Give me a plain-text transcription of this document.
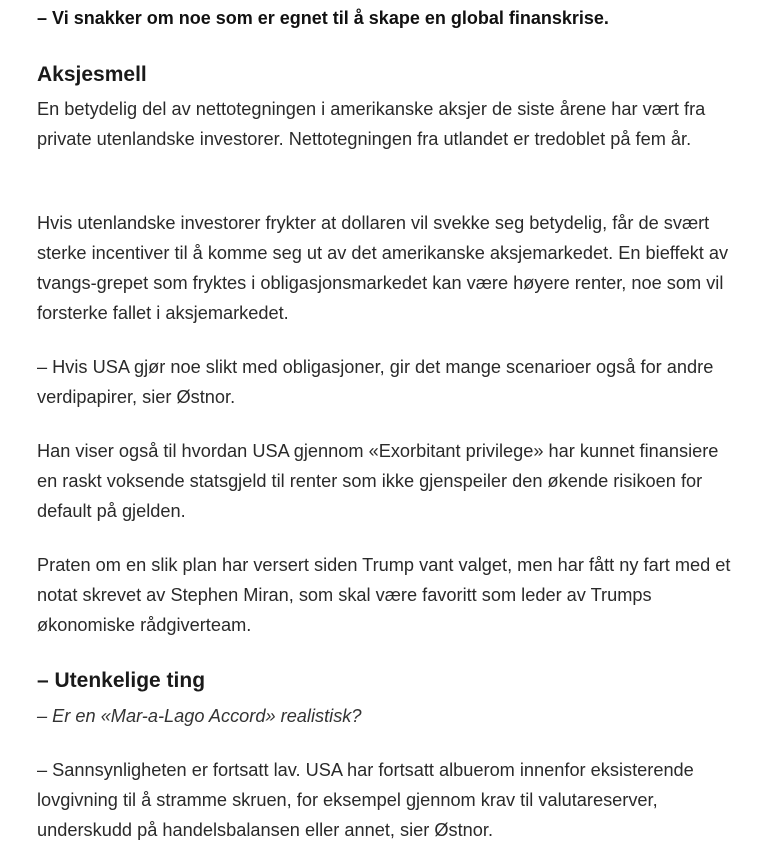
– Vi snakker om noe som er egnet til å skape en global finanskrise.

Aksjesmell

En betydelig del av nettotegningen i amerikanske aksjer de siste årene har vært fra private utenlandske investorer. Nettotegningen fra utlandet er tredoblet på fem år.

Hvis utenlandske investorer frykter at dollaren vil svekke seg betydelig, får de svært sterke incentiver til å komme seg ut av det amerikanske aksjemarkedet. En bieffekt av tvangs-grepet som fryktes i obligasjonsmarkedet kan være høyere renter, noe som vil forsterke fallet i aksjemarkedet.

– Hvis USA gjør noe slikt med obligasjoner, gir det mange scenarioer også for andre verdipapirer, sier Østnor.

Han viser også til hvordan USA gjennom «Exorbitant privilege» har kunnet finansiere en raskt voksende statsgjeld til renter som ikke gjenspeiler den økende risikoen for default på gjelden.

Praten om en slik plan har versert siden Trump vant valget, men har fått ny fart med et notat skrevet av Stephen Miran, som skal være favoritt som leder av Trumps økonomiske rådgiverteam.

– Utenkelige ting

– Er en «Mar-a-Lago Accord» realistisk?

– Sannsynligheten er fortsatt lav. USA har fortsatt albuerom innenfor eksisterende lovgivning til å stramme skruen, for eksempel gjennom krav til valutareserver, underskudd på handelsbalansen eller annet, sier Østnor.
